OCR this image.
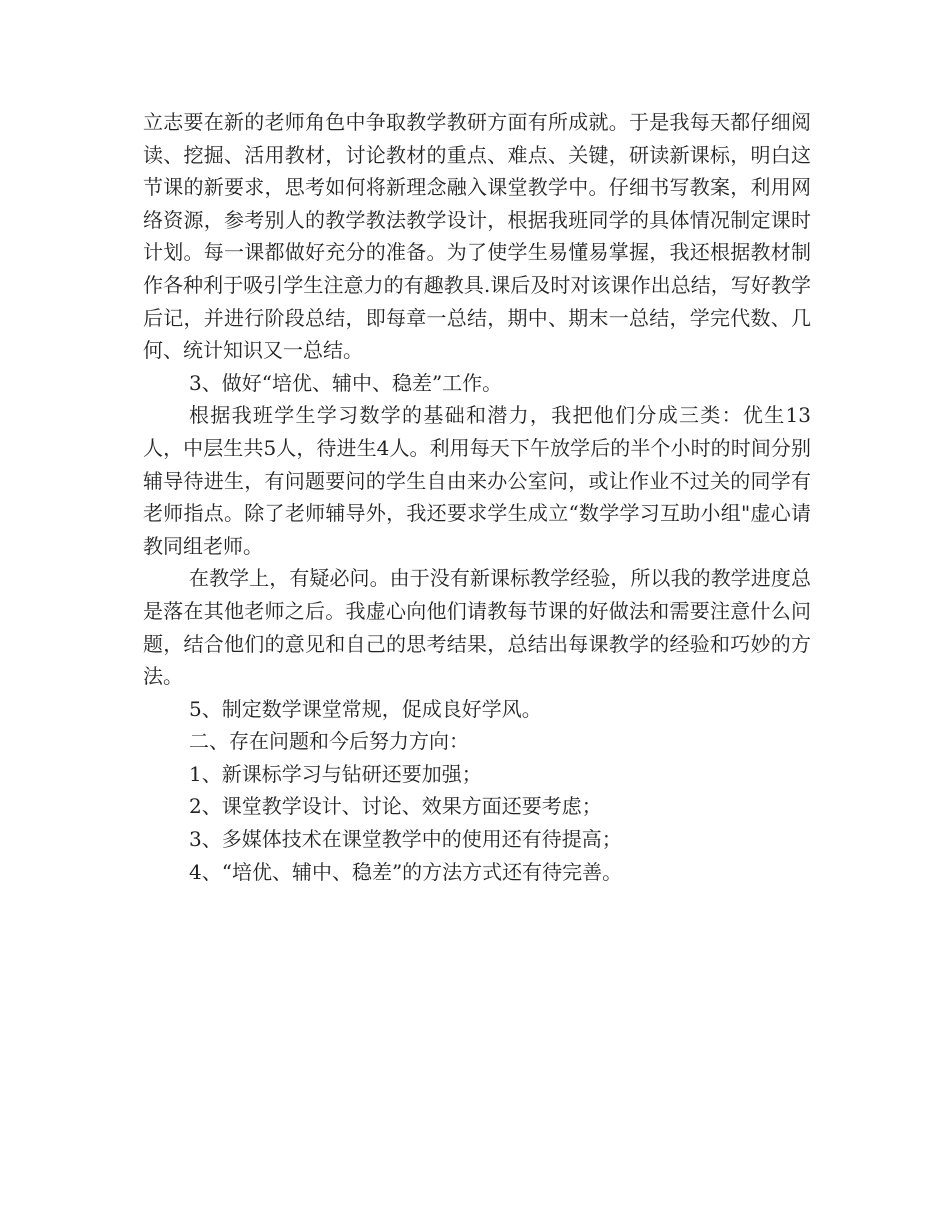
立志要在新的老师角色中争取教学教研方面有所成就。于是我每天都仔细阅读、挖掘、活用教材，讨论教材的重点、难点、关键，研读新课标，明白这节课的新要求，思考如何将新理念融入课堂教学中。仔细书写教案，利用网络资源，参考别人的教学教法教学设计，根据我班同学的具体情况制定课时计划。每一课都做好充分的准备。为了使学生易懂易掌握，我还根据教材制作各种利于吸引学生注意力的有趣教具.课后及时对该课作出总结，写好教学后记，并进行阶段总结，即每章一总结，期中、期末一总结，学完代数、几何、统计知识又一总结。

3、做好“培优、辅中、稳差”工作。

根据我班学生学习数学的基础和潜力，我把他们分成三类：优生13人，中层生共5人，待进生4人。利用每天下午放学后的半个小时的时间分别辅导待进生，有问题要问的学生自由来办公室问，或让作业不过关的同学有老师指点。除了老师辅导外，我还要求学生成立“数学学习互助小组"虚心请教同组老师。

在教学上，有疑必问。由于没有新课标教学经验，所以我的教学进度总是落在其他老师之后。我虚心向他们请教每节课的好做法和需要注意什么问题，结合他们的意见和自己的思考结果，总结出每课教学的经验和巧妙的方法。

5、制定数学课堂常规，促成良好学风。

二、存在问题和今后努力方向：

1、新课标学习与钻研还要加强；

2、课堂教学设计、讨论、效果方面还要考虑；

3、多媒体技术在课堂教学中的使用还有待提高；

4、“培优、辅中、稳差”的方法方式还有待完善。
